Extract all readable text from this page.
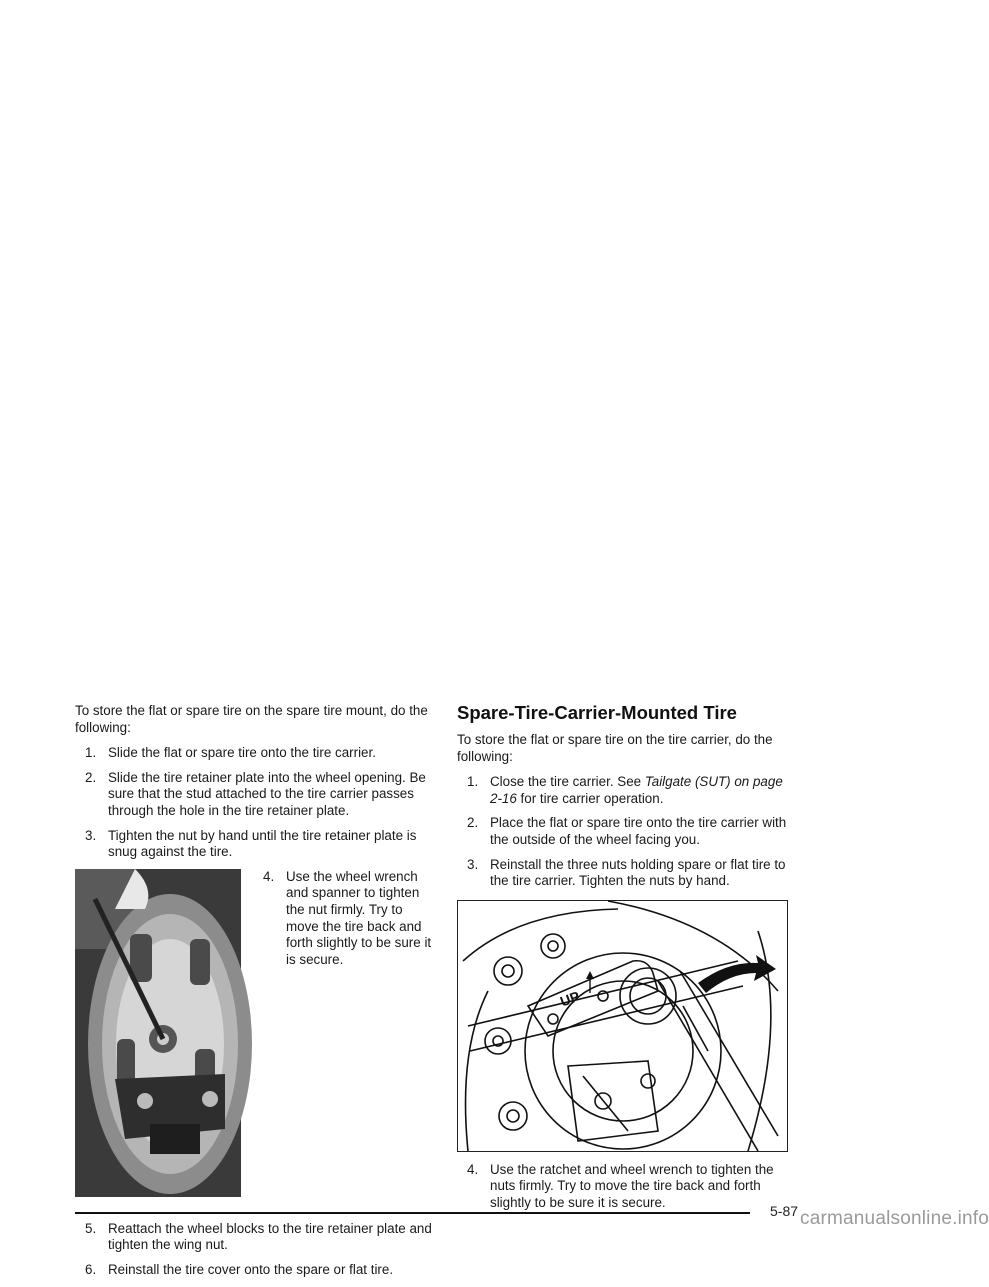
To store the flat or spare tire on the spare tire mount, do the following:

1. Slide the flat or spare tire onto the tire carrier.
2. Slide the tire retainer plate into the wheel opening. Be sure that the stud attached to the tire carrier passes through the hole in the tire retainer plate.
3. Tighten the nut by hand until the tire retainer plate is snug against the tire.
4. Use the wheel wrench and spanner to tighten the nut firmly. Try to move the tire back and forth slightly to be sure it is secure.
5. Reattach the wheel blocks to the tire retainer plate and tighten the wing nut.
6. Reinstall the tire cover onto the spare or flat tire.
Spare-Tire-Carrier-Mounted Tire

To store the flat or spare tire on the tire carrier, do the following:

1. Close the tire carrier. See Tailgate (SUT) on page 2-16 for tire carrier operation.
2. Place the flat or spare tire onto the tire carrier with the outside of the wheel facing you.
3. Reinstall the three nuts holding spare or flat tire to the tire carrier. Tighten the nuts by hand.
UP
4. Use the ratchet and wheel wrench to tighten the nuts firmly. Try to move the tire back and forth slightly to be sure it is secure.
5-87 carmanualsonline.info
